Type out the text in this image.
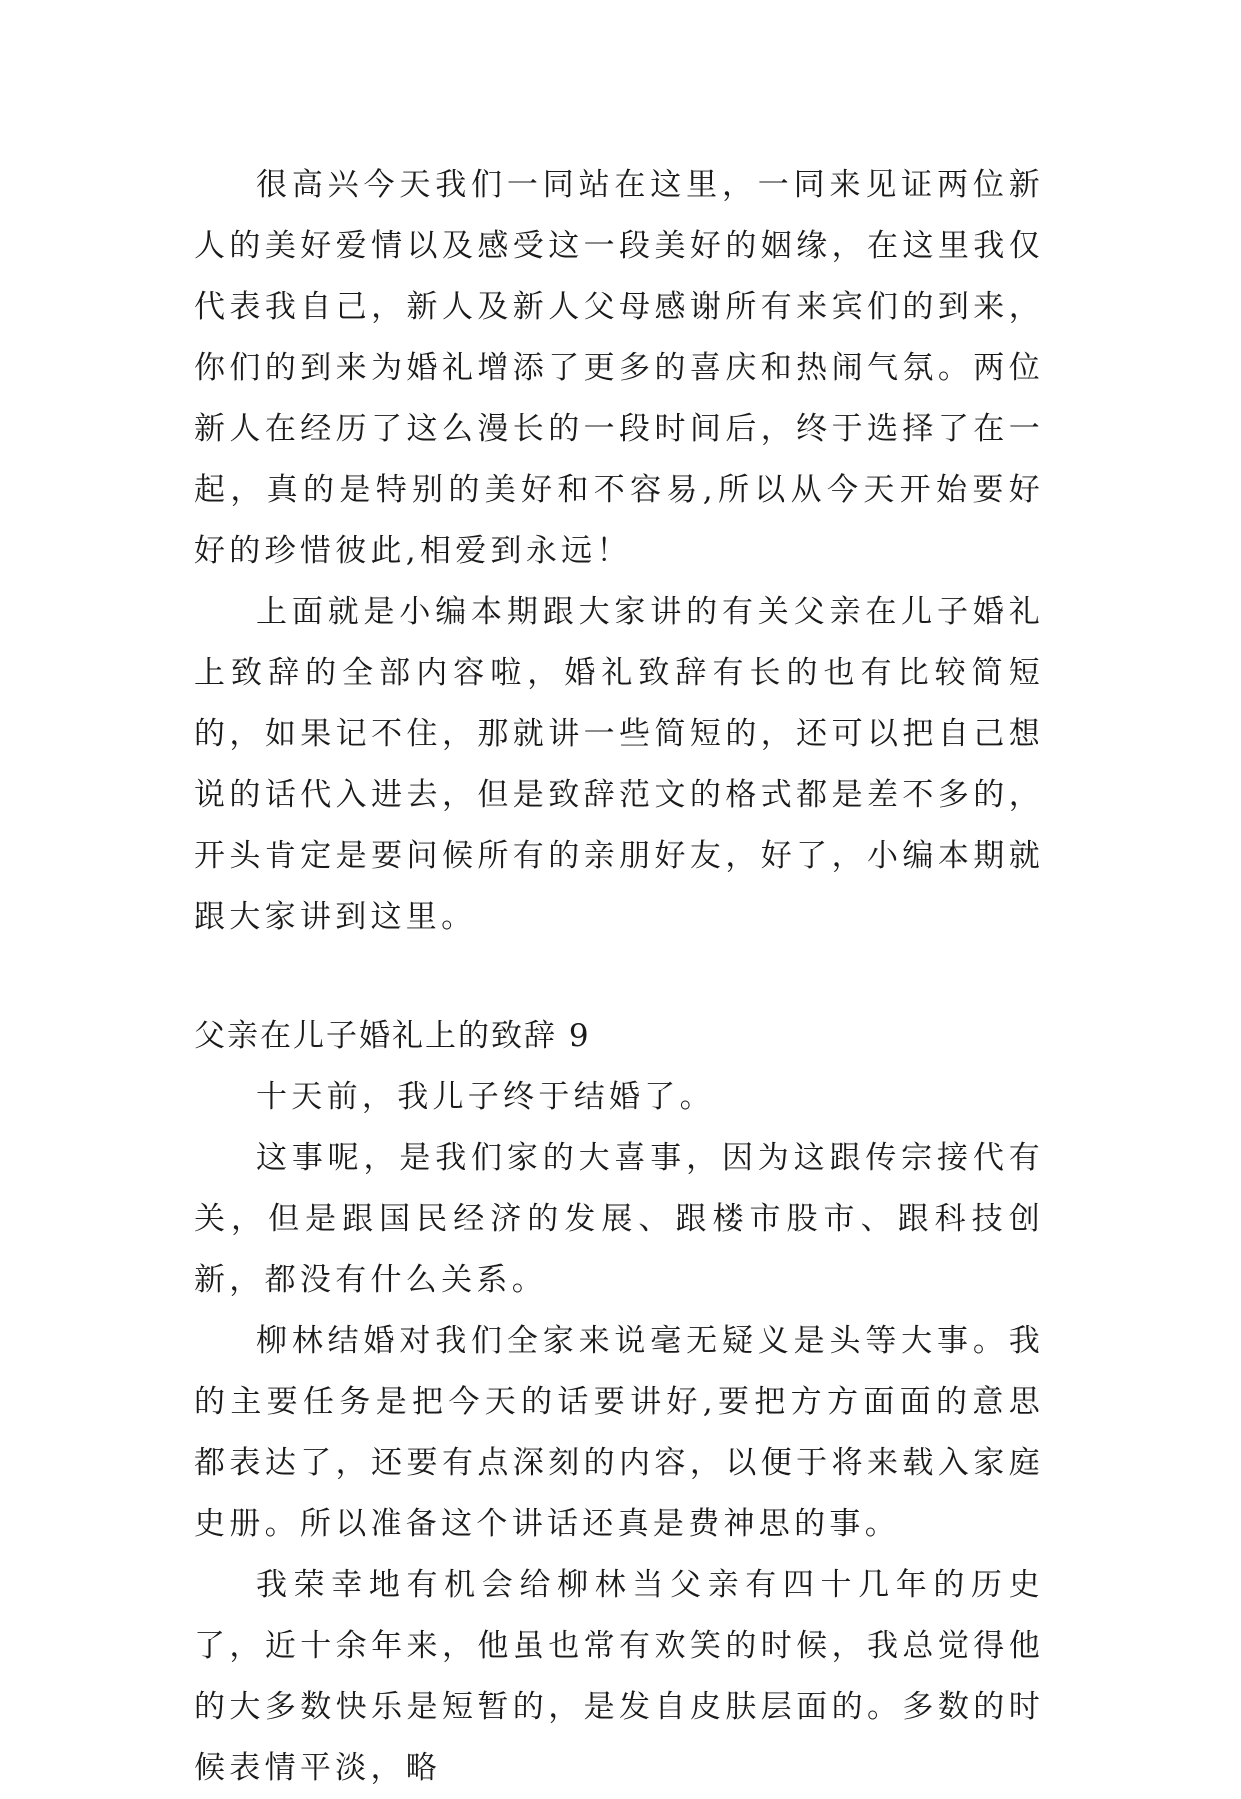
很高兴今天我们一同站在这里，一同来见证两位新人的美好爱情以及感受这一段美好的姻缘，在这里我仅代表我自己，新人及新人父母感谢所有来宾们的到来，你们的到来为婚礼增添了更多的喜庆和热闹气氛。两位新人在经历了这么漫长的一段时间后，终于选择了在一起，真的是特别的美好和不容易,所以从今天开始要好好的珍惜彼此,相爱到永远！

上面就是小编本期跟大家讲的有关父亲在儿子婚礼上致辞的全部内容啦，婚礼致辞有长的也有比较简短的，如果记不住，那就讲一些简短的，还可以把自己想说的话代入进去，但是致辞范文的格式都是差不多的，开头肯定是要问候所有的亲朋好友，好了，小编本期就跟大家讲到这里。

父亲在儿子婚礼上的致辞 9

十天前，我儿子终于结婚了。

这事呢，是我们家的大喜事，因为这跟传宗接代有关，但是跟国民经济的发展、跟楼市股市、跟科技创新，都没有什么关系。

柳林结婚对我们全家来说毫无疑义是头等大事。我的主要任务是把今天的话要讲好,要把方方面面的意思都表达了，还要有点深刻的内容，以便于将来载入家庭史册。所以准备这个讲话还真是费神思的事。

我荣幸地有机会给柳林当父亲有四十几年的历史了，近十余年来，他虽也常有欢笑的时候，我总觉得他的大多数快乐是短暂的，是发自皮肤层面的。多数的时候表情平淡，略
